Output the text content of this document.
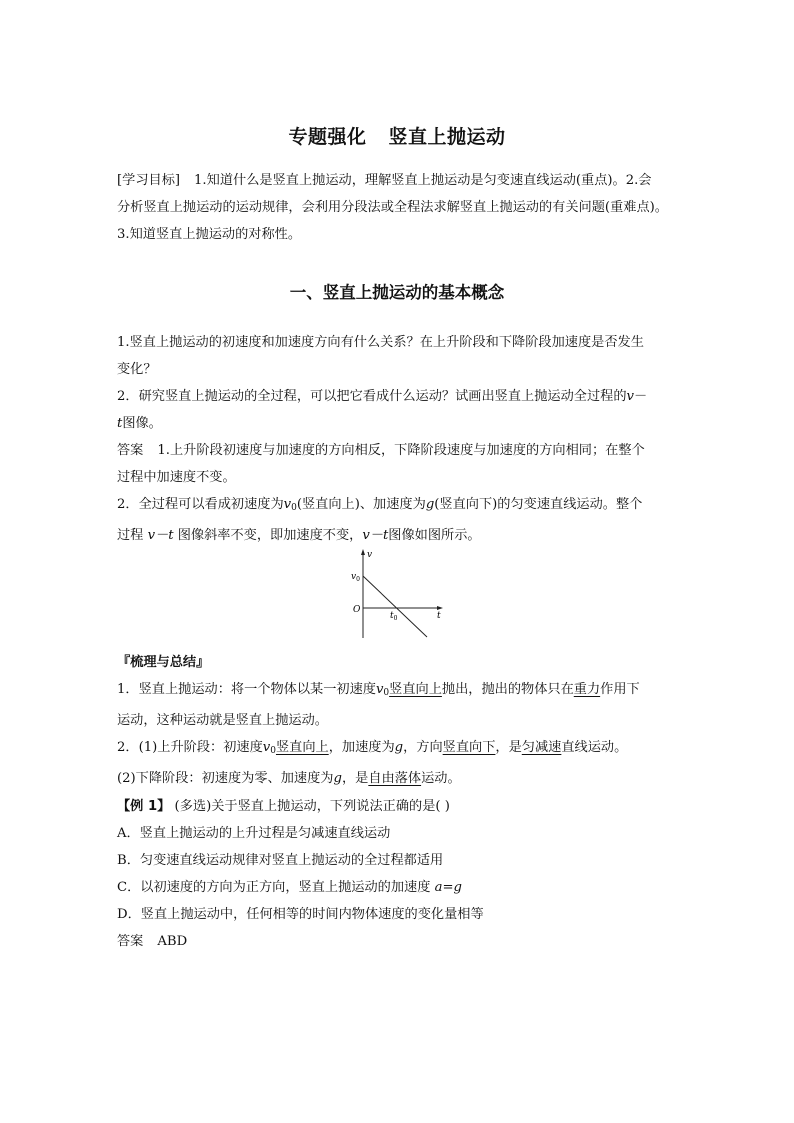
专题强化 竖直上抛运动

[学习目标] 1.知道什么是竖直上抛运动，理解竖直上抛运动是匀变速直线运动(重点)。2.会

分析竖直上抛运动的运动规律，会利用分段法或全程法求解竖直上抛运动的有关问题(重难点)。

3.知道竖直上抛运动的对称性。

一、竖直上抛运动的基本概念

1.竖直上抛运动的初速度和加速度方向有什么关系？在上升阶段和下降阶段加速度是否发生

变化？

2．研究竖直上抛运动的全过程，可以把它看成什么运动？试画出竖直上抛运动全过程的v－

t图像。

答案 1.上升阶段初速度与加速度的方向相反，下降阶段速度与加速度的方向相同；在整个

过程中加速度不变。

2．全过程可以看成初速度为$v_0$(竖直向上)、加速度为g(竖直向下)的匀变速直线运动。整个

过程 v－t 图像斜率不变，即加速度不变，v－t图像如图所示。

v
t
O
$v_0$
$t_0$

『梳理与总结』

1．竖直上抛运动：将一个物体以某一初速度$v_0$竖直向上抛出，抛出的物体只在重力作用下

运动，这种运动就是竖直上抛运动。

2．(1)上升阶段：初速度$v_0$竖直向上，加速度为g，方向竖直向下，是匀减速直线运动。

(2)下降阶段：初速度为零、加速度为g，是自由落体运动。

【例 1】 (多选)关于竖直上抛运动，下列说法正确的是( )

A．竖直上抛运动的上升过程是匀减速直线运动

B．匀变速直线运动规律对竖直上抛运动的全过程都适用

C．以初速度的方向为正方向，竖直上抛运动的加速度 a=g

D．竖直上抛运动中，任何相等的时间内物体速度的变化量相等

答案 ABD
